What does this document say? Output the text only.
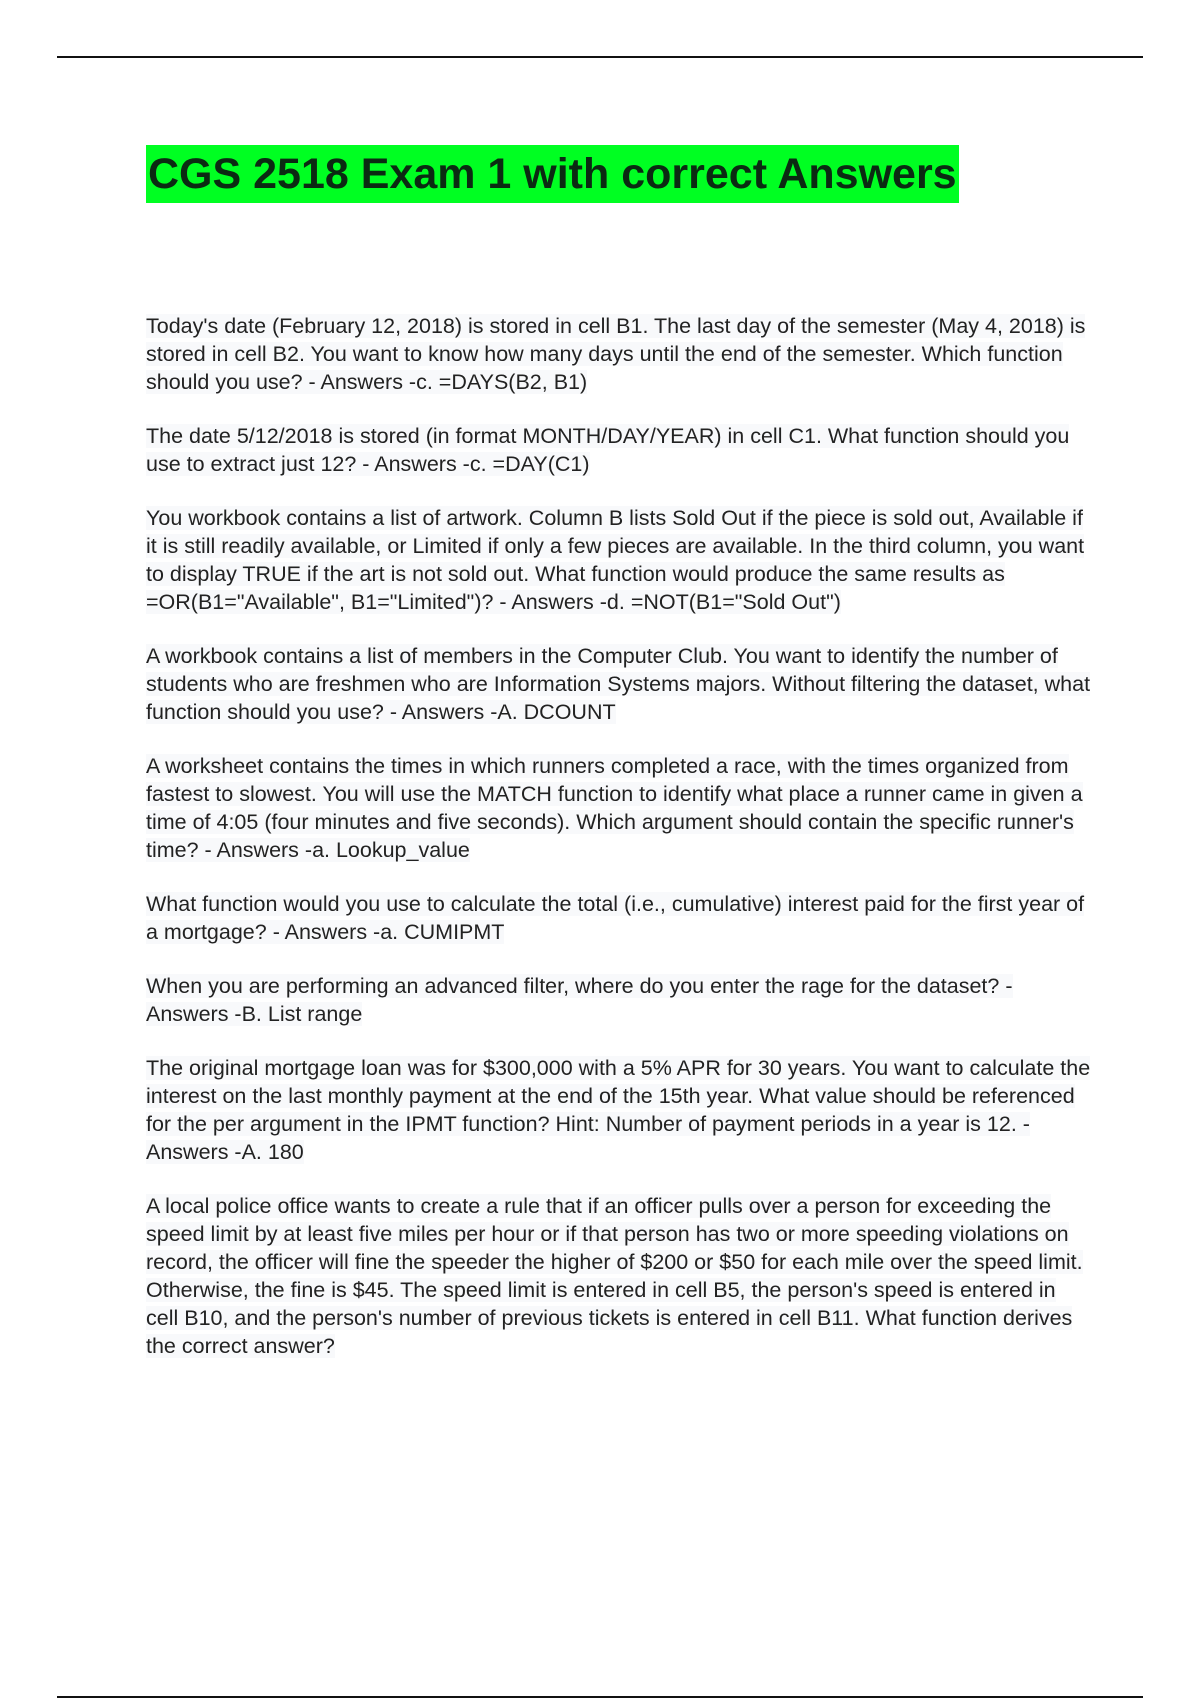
CGS 2518 Exam 1 with correct Answers

Today's date (February 12, 2018) is stored in cell B1. The last day of the semester (May 4, 2018) is stored in cell B2. You want to know how many days until the end of the semester. Which function should you use? - Answers -c. =DAYS(B2, B1)

The date 5/12/2018 is stored (in format MONTH/DAY/YEAR) in cell C1. What function should you use to extract just 12? - Answers -c. =DAY(C1)

You workbook contains a list of artwork. Column B lists Sold Out if the piece is sold out, Available if it is still readily available, or Limited if only a few pieces are available. In the third column, you want to display TRUE if the art is not sold out. What function would produce the same results as =OR(B1="Available", B1="Limited")? - Answers -d. =NOT(B1="Sold Out")

A workbook contains a list of members in the Computer Club. You want to identify the number of students who are freshmen who are Information Systems majors. Without filtering the dataset, what function should you use? - Answers -A. DCOUNT

A worksheet contains the times in which runners completed a race, with the times organized from fastest to slowest. You will use the MATCH function to identify what place a runner came in given a time of 4:05 (four minutes and five seconds). Which argument should contain the specific runner's time? - Answers -a. Lookup_value

What function would you use to calculate the total (i.e., cumulative) interest paid for the first year of a mortgage? - Answers -a. CUMIPMT

When you are performing an advanced filter, where do you enter the rage for the dataset? - Answers -B. List range

The original mortgage loan was for $300,000 with a 5% APR for 30 years. You want to calculate the interest on the last monthly payment at the end of the 15th year. What value should be referenced for the per argument in the IPMT function? Hint: Number of payment periods in a year is 12. - Answers -A. 180

A local police office wants to create a rule that if an officer pulls over a person for exceeding the speed limit by at least five miles per hour or if that person has two or more speeding violations on record, the officer will fine the speeder the higher of $200 or $50 for each mile over the speed limit. Otherwise, the fine is $45. The speed limit is entered in cell B5, the person's speed is entered in cell B10, and the person's number of previous tickets is entered in cell B11. What function derives the correct answer?
